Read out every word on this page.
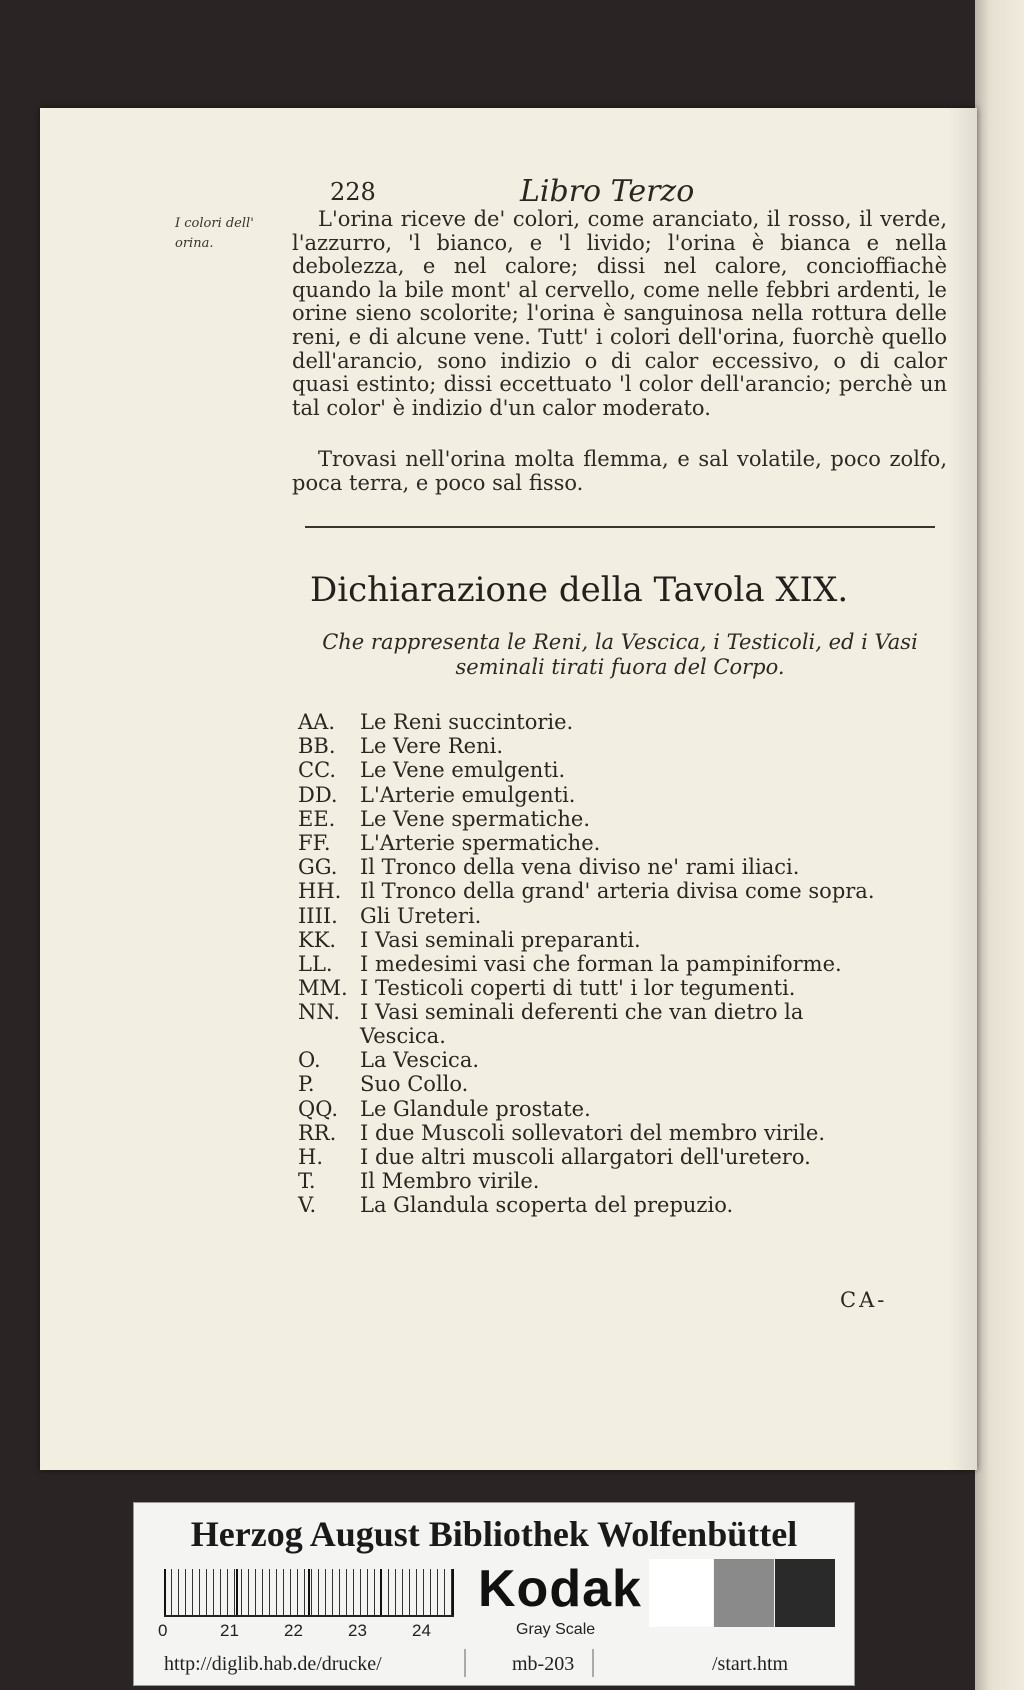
228	Libro Terzo
I colori dell' orina.
L'orina riceve de' colori, come aranciato, il rosso, il verde, l'azzurro, 'l bianco, e 'l livido; l'orina è bianca e nella debolezza, e nel calore; dissi nel calore, concioffiachè quando la bile mont' al cervello, come nelle febbri ardenti, le orine sieno scolorite; l'orina è sanguinosa nella rottura delle reni, e di alcune vene. Tutt' i colori dell'orina, fuorchè quello dell'arancio, sono indizio o di calor eccessivo, o di calor quasi estinto; dissi eccettuato 'l color dell'arancio; perchè un tal color' è indizio d'un calor moderato.
Trovasi nell'orina molta flemma, e sal volatile, poco zolfo, poca terra, e poco sal fisso.
Dichiarazione della Tavola XIX.
Che rappresenta le Reni, la Vescica, i Testicoli, ed i Vasi seminali tirati fuora del Corpo.
AA. Le Reni succintorie.
BB. Le Vere Reni.
CC. Le Vene emulgenti.
DD. L'Arterie emulgenti.
EE. Le Vene spermatiche.
FF. L'Arterie spermatiche.
GG. Il Tronco della vena diviso ne' rami iliaci.
HH. Il Tronco della grand' arteria divisa come sopra.
IIII. Gli Ureteri.
KK. I Vasi seminali preparanti.
LL. I medesimi vasi che forman la pampiniforme.
MM. I Testicoli coperti di tutt' i lor tegumenti.
NN. I Vasi seminali deferenti che van dietro la Vescica.
O. La Vescica.
P. Suo Collo.
QQ. Le Glandule prostate.
RR. I due Muscoli sollevatori del membro virile.
H. I due altri muscoli allargatori dell'uretero.
T. Il Membro virile.
V. La Glandula scoperta del prepuzio.
CA-
Herzog August Bibliothek Wolfenbüttel
0	21	22	23	24
Kodak
Gray Scale
http://diglib.hab.de/drucke/	mb-203	/start.htm
